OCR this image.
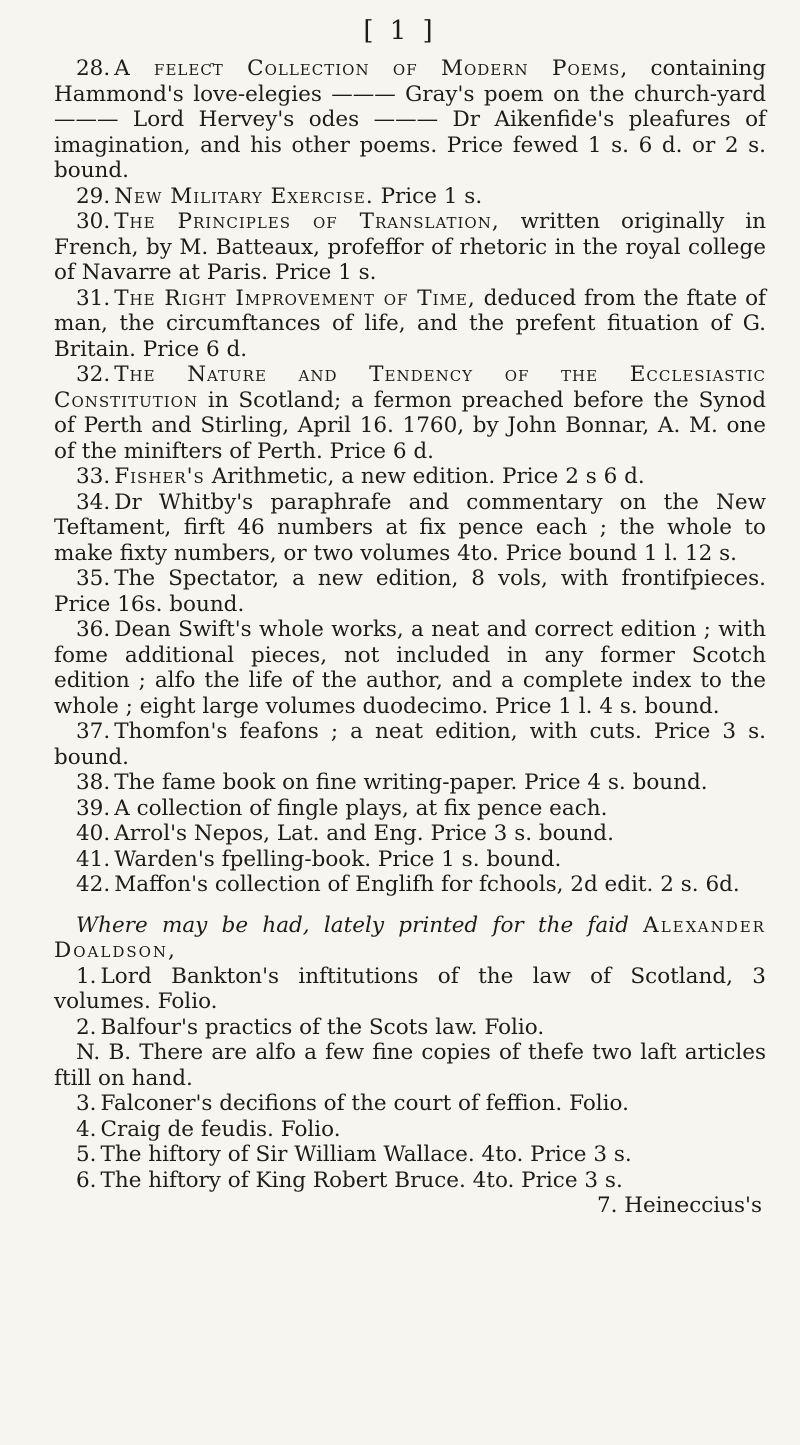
[ 1 ]

28. A feleƈt Collection of Modern Poems, containing Hammond's love-elegies ——— Gray's poem on the church-yard ——— Lord Hervey's odes ——— Dr Aikenfide's pleafures of imagination, and his other poems. Price fewed 1 s. 6 d. or 2 s. bound.

29. New Military Exercise. Price 1 s.

30. The Principles of Translation, written originally in French, by M. Batteaux, profeffor of rhetoric in the royal college of Navarre at Paris. Price 1 s.

31. The Right Improvement of Time, deduced from the ftate of man, the circumftances of life, and the prefent fituation of G. Britain. Price 6 d.

32. The Nature and Tendency of the Ecclesiastic Constitution in Scotland; a fermon preached before the Synod of Perth and Stirling, April 16. 1760, by John Bonnar, A. M. one of the minifters of Perth. Price 6 d.

33. Fisher's Arithmetic, a new edition. Price 2 s 6 d.

34. Dr Whitby's paraphrafe and commentary on the New Teftament, firft 46 numbers at fix pence each ; the whole to make fixty numbers, or two volumes 4to. Price bound 1 l. 12 s.

35. The Spectator, a new edition, 8 vols, with frontifpieces. Price 16s. bound.

36. Dean Swift's whole works, a neat and correct edition ; with fome additional pieces, not included in any former Scotch edition ; alfo the life of the author, and a complete index to the whole ; eight large volumes duodecimo. Price 1 l. 4 s. bound.

37. Thomfon's feafons ; a neat edition, with cuts. Price 3 s. bound.

38. The fame book on fine writing-paper. Price 4 s. bound.

39. A collection of fingle plays, at fix pence each.

40. Arrol's Nepos, Lat. and Eng. Price 3 s. bound.

41. Warden's fpelling-book. Price 1 s. bound.

42. Maffon's collection of Englifh for fchools, 2d edit. 2 s. 6d.

Where may be had, lately printed for the faid Alexander Doaldson,

1. Lord Bankton's inftitutions of the law of Scotland, 3 volumes. Folio.

2. Balfour's practics of the Scots law. Folio.

N. B. There are alfo a few fine copies of thefe two laft articles ftill on hand.

3. Falconer's decifions of the court of feffion. Folio.

4. Craig de feudis. Folio.

5. The hiftory of Sir William Wallace. 4to. Price 3 s.

6. The hiftory of King Robert Bruce. 4to. Price 3 s.

7. Heineccius's
